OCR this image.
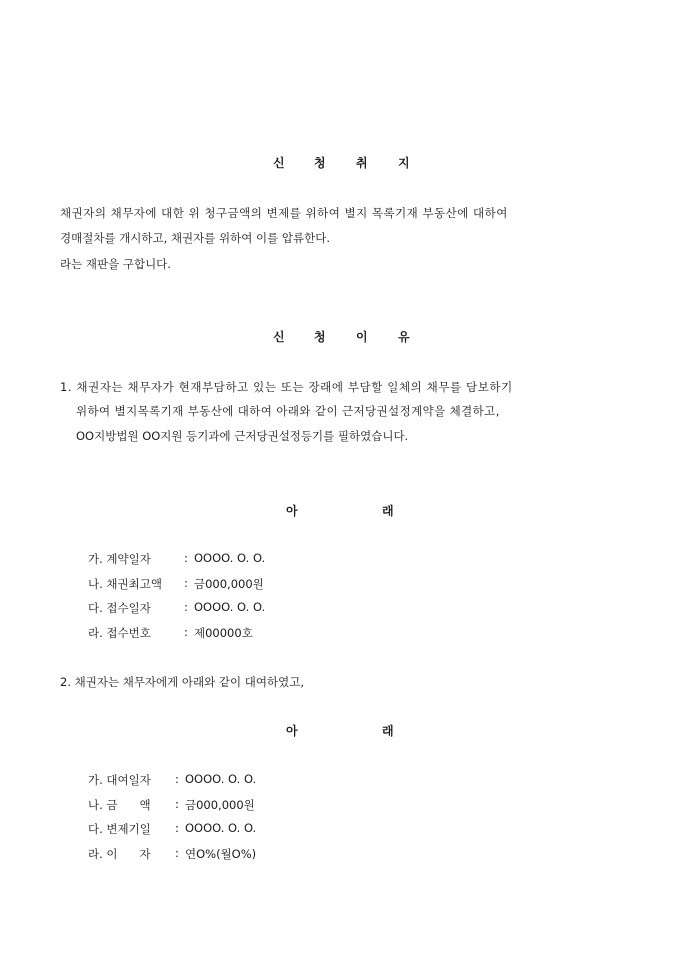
신 청	취	지
채권자의 채무자에 대한 위 청구금액의 변제를 위하여 별지 목록기재 부동산에 대하여
경매절차를 개시하고, 채권자를 위하여 이를 압류한다.
라는 재판을 구합니다.
신 청	이	유
1. 채권자는 채무자가 현재부담하고 있는 또는 장래에 부담할 일체의 채무를 담보하기
위하여 별지목록기재 부동산에 대하여 아래와 같이 근저당권설정계약을 체결하고,
OO지방법원 OO지원 등기과에 근저당권설정등기를 필하였습니다.
아	래
가. 계약일자	: OOOO. O. O.
나. 채권최고액 : 금000,000원
다. 접수일자	: OOOO. O. O.
라. 접수번호	: 제00000호
2. 채권자는 채무자에게 아래와 같이 대여하였고,
아	래
가. 대여일자 : OOOO. O. O.
나. 금      액 : 금000,000원
다. 변제기일 : OOOO. O. O.
라. 이      자 : 연O%(월O%)
